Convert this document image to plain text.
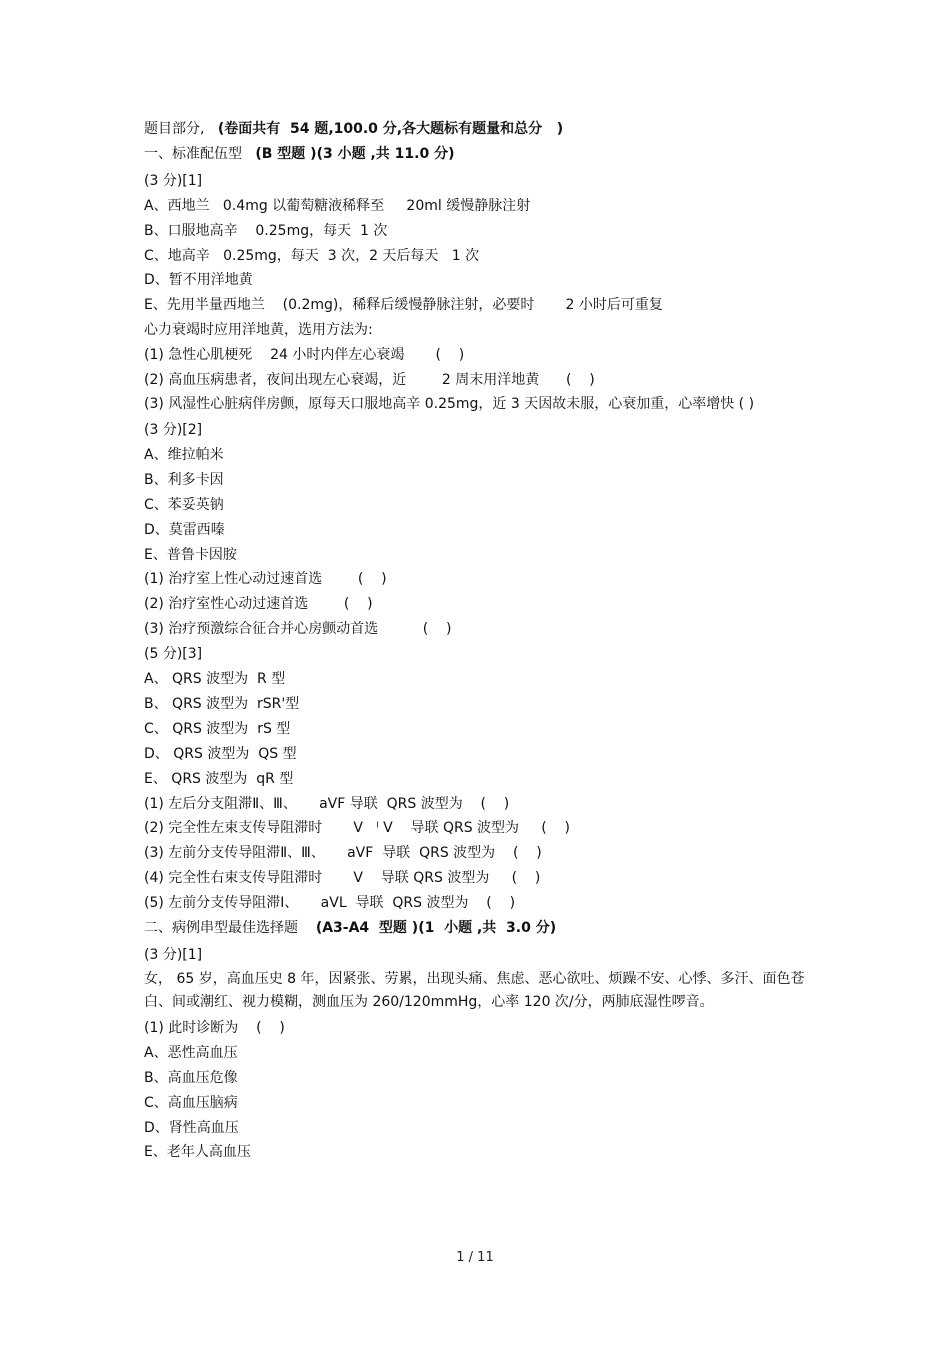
题目部分,   (卷面共有  54 题,100.0 分,各大题标有题量和总分   )
一、标准配伍型   (B 型题 )(3 小题 ,共 11.0 分)
(3 分)[1]
A、西地兰   0.4mg 以葡萄糖液稀释至     20ml 缓慢静脉注射
B、口服地高辛    0.25mg，每天  1 次
C、地高辛   0.25mg，每天  3 次，2 天后每天   1 次
D、暂不用洋地黄
E、先用半量西地兰    (0.2mg)，稀释后缓慢静脉注射，必要时       2 小时后可重复
心力衰竭时应用洋地黄，选用方法为:
(1) 急性心肌梗死    24 小时内伴左心衰竭       (    )
(2) 高血压病患者，夜间出现左心衰竭，近        2 周末用洋地黄      (    )
(3) 风湿性心脏病伴房颤，原每天口服地高辛 0.25mg，近 3 天因故未服，心衰加重，心率增快 ( )
(3 分)[2]
A、维拉帕米
B、利多卡因
C、苯妥英钠
D、莫雷西嗪
E、普鲁卡因胺
(1) 治疗室上性心动过速首选        (    )
(2) 治疗室性心动过速首选        (    )
(3) 治疗预激综合征合并心房颤动首选          (    )
(5 分)[3]
A、 QRS 波型为  R 型
B、 QRS 波型为  rSR'型
C、 QRS 波型为  rS 型
D、 QRS 波型为  QS 型
E、 QRS 波型为  qR 型
(1) 左后分支阻滞Ⅱ、Ⅲ、     aVF 导联  QRS 波型为    (    )
(2) 完全性左束支传导阻滞时       V   ˡ V    导联 QRS 波型为     (    )
(3) 左前分支传导阻滞Ⅱ、Ⅲ、     aVF  导联  QRS 波型为    (    )
(4) 完全性右束支传导阻滞时       V    导联 QRS 波型为     (    )
(5) 左前分支传导阻滞Ⅰ、     aVL  导联  QRS 波型为    (    )
二、病例串型最佳选择题    (A3-A4  型题 )(1  小题 ,共  3.0 分)
(3 分)[1]
女， 65 岁，高血压史 8 年，因紧张、劳累，出现头痛、焦虑、恶心欲吐、烦躁不安、心悸、多汗、面色苍白、间或潮红、视力模糊，测血压为 260/120mmHg，心率 120 次/分，两肺底湿性啰音。
(1) 此时诊断为    (    )
A、恶性高血压
B、高血压危像
C、高血压脑病
D、肾性高血压
E、老年人高血压
1 / 11
